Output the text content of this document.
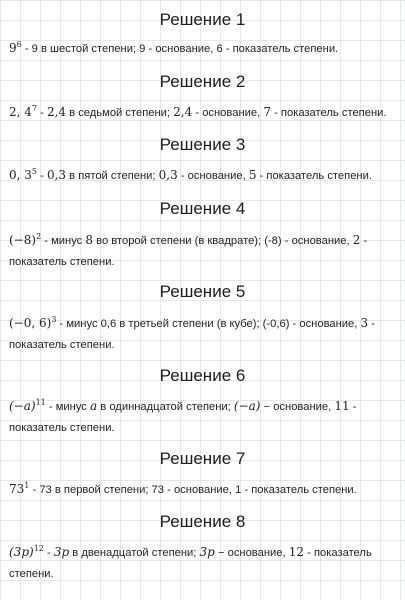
Решение 1
$9^6 - 9$ в шестой степени; 9 - основание, 6 - показатель степени.
Решение 2
2, $4^7 - 2,4$ в седьмой степени; 2,4 - основание, 7 - показатель степени.
Решение 3
0, $3^5 - 0,3$ в пятой степени; 0,3 - основание, 5 - показатель степени.
Решение 4
$(-8)^2$ - минус 8 во второй степени (в квадрате); (-8) - основание, 2 -
показатель степени.
Решение 5
(−0, 6)$^3$ - минус 0,6 в третьей степени (в кубе); (-0,6) - основание, 3 -
показатель степени.
Решение 6
$(-a)^{11}$ - минус a в одиннадцатой степени; (−a) − основание, 11 -
показатель степени.
Решение 7
$73^1 - 73$ в первой степени; 73 - основание, 1 - показатель степени.
Решение 8
$(3p)^{12} - 3p$ в двенадцатой степени; 3p − основание, 12 - показатель
степени.
